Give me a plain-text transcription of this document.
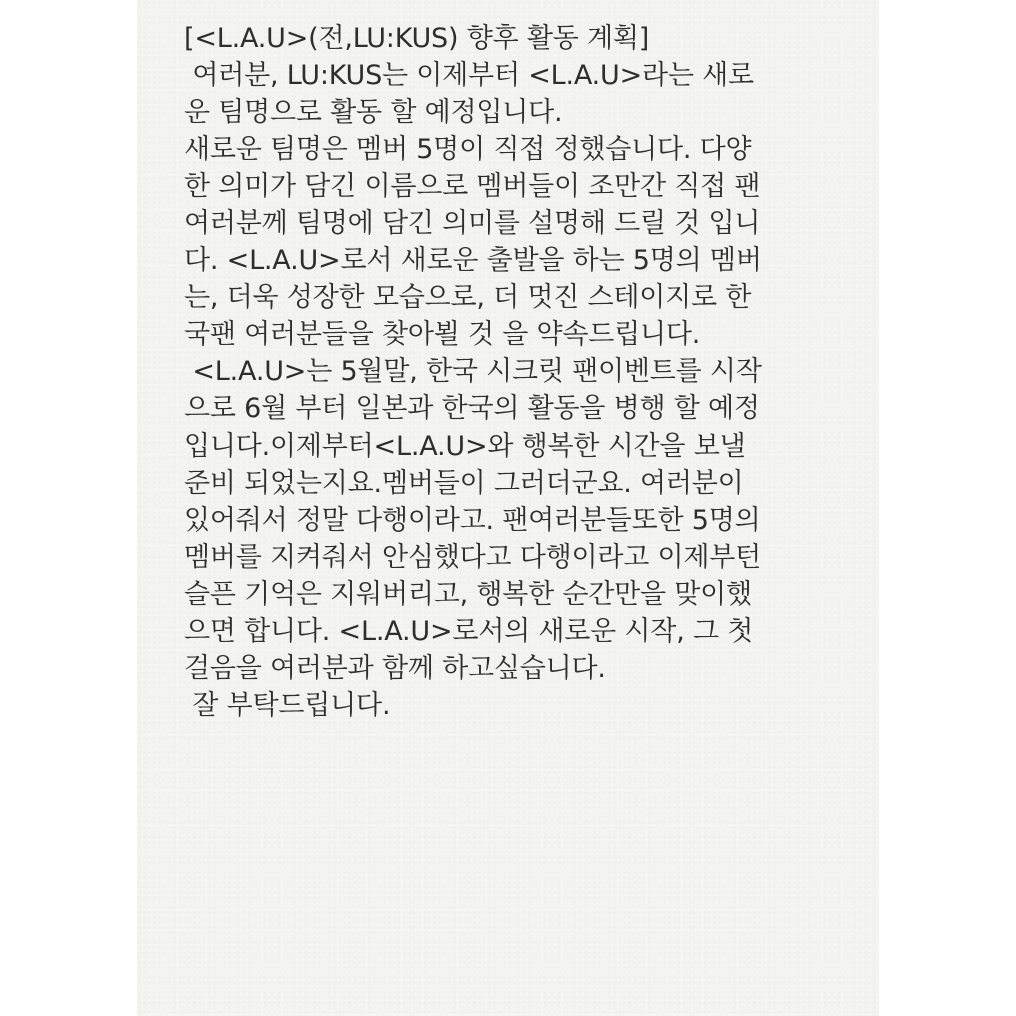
[<L.A.U>(전,LU:KUS) 향후 활동 계획]
여러분, LU:KUS는 이제부터 <L.A.U>라는 새로
운 팀명으로 활동 할 예정입니다.
새로운 팀명은 멤버 5명이 직접 정했습니다. 다양
한 의미가 담긴 이름으로 멤버들이 조만간 직접 팬
여러분께 팀명에 담긴 의미를 설명해 드릴 것 입니
다. <L.A.U>로서 새로운 출발을 하는 5명의 멤버
는, 더욱 성장한 모습으로, 더 멋진 스테이지로 한
국팬 여러분들을 찾아뵐 것 을 약속드립니다.
<L.A.U>는 5월말, 한국 시크릿 팬이벤트를 시작
으로 6월 부터 일본과 한국의 활동을 병행 할 예정
입니다.이제부터<L.A.U>와 행복한 시간을 보낼
준비 되었는지요.멤버들이 그러더군요. 여러분이
있어줘서 정말 다행이라고. 팬여러분들또한 5명의
멤버를 지켜줘서 안심했다고 다행이라고 이제부턴
슬픈 기억은 지워버리고, 행복한 순간만을 맞이했
으면 합니다. <L.A.U>로서의 새로운 시작, 그 첫
걸음을 여러분과 함께 하고싶습니다.
잘 부탁드립니다.
